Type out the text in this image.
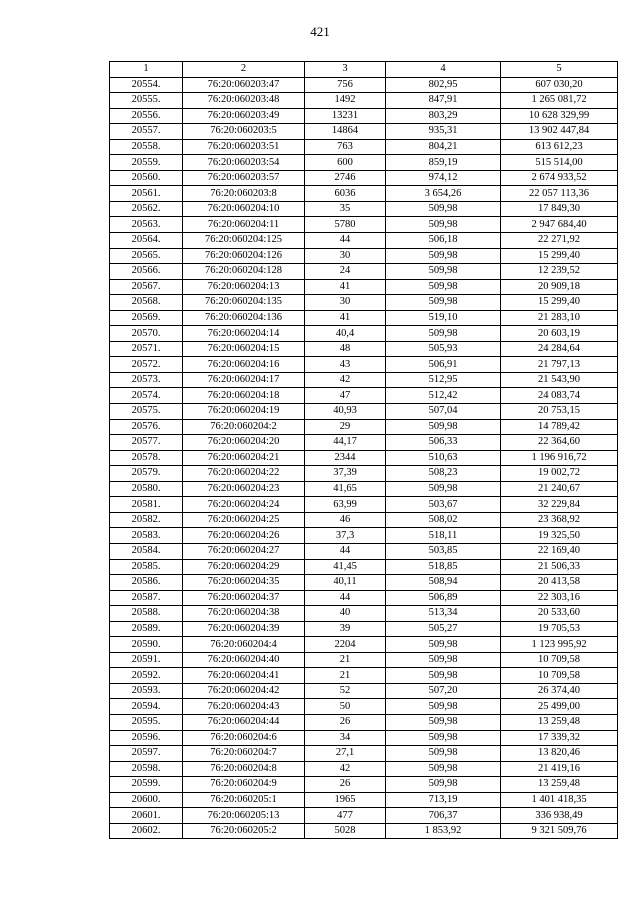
421
1	2	3	4	5
20554.	76:20:060203:47	756	802,95	607 030,20
20555.	76:20:060203:48	1492	847,91	1 265 081,72
20556.	76:20:060203:49	13231	803,29	10 628 329,99
20557.	76:20:060203:5	14864	935,31	13 902 447,84
20558.	76:20:060203:51	763	804,21	613 612,23
20559.	76:20:060203:54	600	859,19	515 514,00
20560.	76:20:060203:57	2746	974,12	2 674 933,52
20561.	76:20:060203:8	6036	3 654,26	22 057 113,36
20562.	76:20:060204:10	35	509,98	17 849,30
20563.	76:20:060204:11	5780	509,98	2 947 684,40
20564.	76:20:060204:125	44	506,18	22 271,92
20565.	76:20:060204:126	30	509,98	15 299,40
20566.	76:20:060204:128	24	509,98	12 239,52
20567.	76:20:060204:13	41	509,98	20 909,18
20568.	76:20:060204:135	30	509,98	15 299,40
20569.	76:20:060204:136	41	519,10	21 283,10
20570.	76:20:060204:14	40,4	509,98	20 603,19
20571.	76:20:060204:15	48	505,93	24 284,64
20572.	76:20:060204:16	43	506,91	21 797,13
20573.	76:20:060204:17	42	512,95	21 543,90
20574.	76:20:060204:18	47	512,42	24 083,74
20575.	76:20:060204:19	40,93	507,04	20 753,15
20576.	76:20:060204:2	29	509,98	14 789,42
20577.	76:20:060204:20	44,17	506,33	22 364,60
20578.	76:20:060204:21	2344	510,63	1 196 916,72
20579.	76:20:060204:22	37,39	508,23	19 002,72
20580.	76:20:060204:23	41,65	509,98	21 240,67
20581.	76:20:060204:24	63,99	503,67	32 229,84
20582.	76:20:060204:25	46	508,02	23 368,92
20583.	76:20:060204:26	37,3	518,11	19 325,50
20584.	76:20:060204:27	44	503,85	22 169,40
20585.	76:20:060204:29	41,45	518,85	21 506,33
20586.	76:20:060204:35	40,11	508,94	20 413,58
20587.	76:20:060204:37	44	506,89	22 303,16
20588.	76:20:060204:38	40	513,34	20 533,60
20589.	76:20:060204:39	39	505,27	19 705,53
20590.	76:20:060204:4	2204	509,98	1 123 995,92
20591.	76:20:060204:40	21	509,98	10 709,58
20592.	76:20:060204:41	21	509,98	10 709,58
20593.	76:20:060204:42	52	507,20	26 374,40
20594.	76:20:060204:43	50	509,98	25 499,00
20595.	76:20:060204:44	26	509,98	13 259,48
20596.	76:20:060204:6	34	509,98	17 339,32
20597.	76:20:060204:7	27,1	509,98	13 820,46
20598.	76:20:060204:8	42	509,98	21 419,16
20599.	76:20:060204:9	26	509,98	13 259,48
20600.	76:20:060205:1	1965	713,19	1 401 418,35
20601.	76:20:060205:13	477	706,37	336 938,49
20602.	76:20:060205:2	5028	1 853,92	9 321 509,76
